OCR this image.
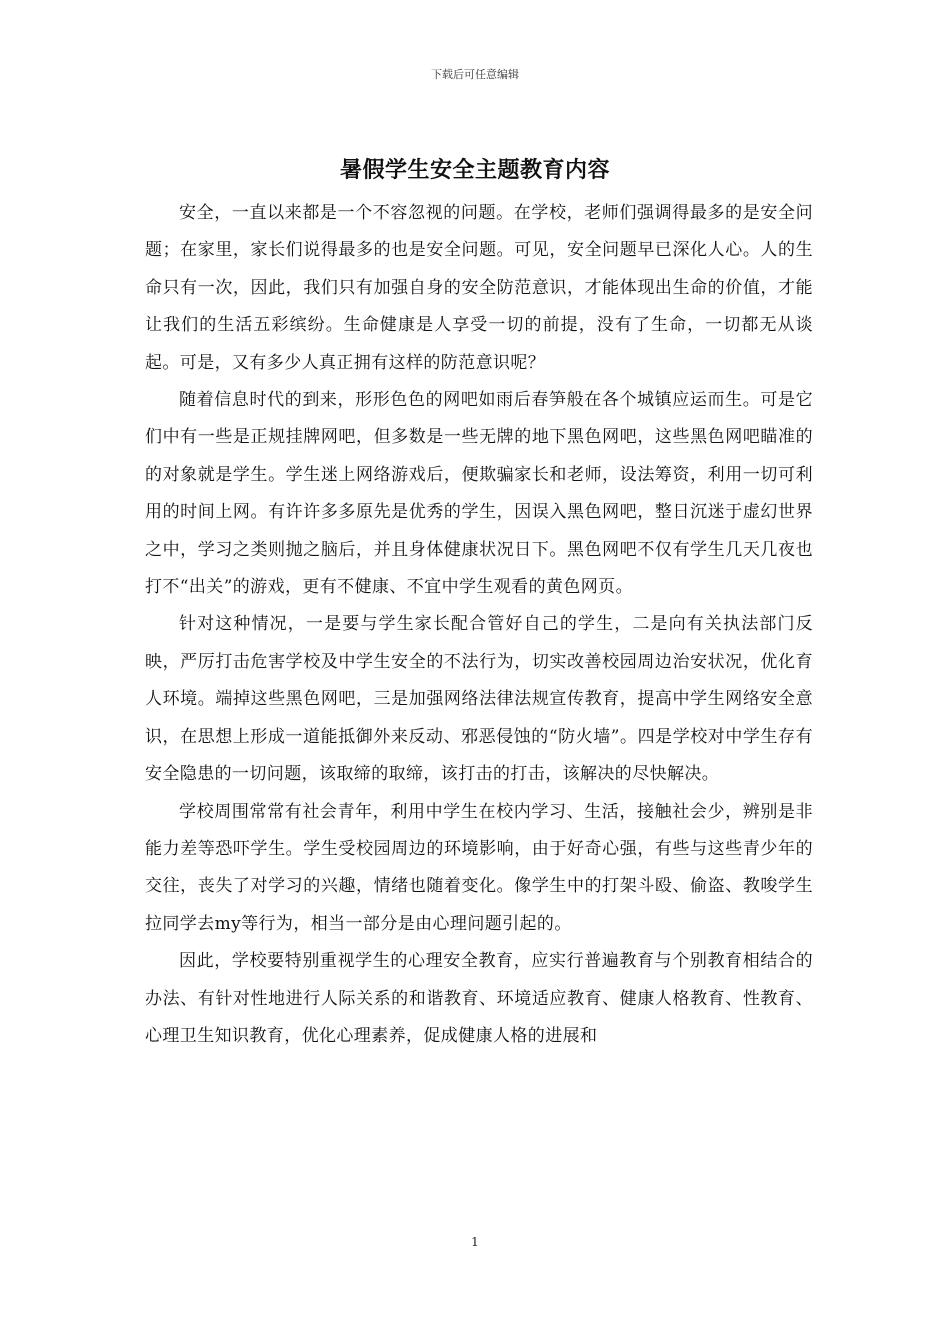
下载后可任意编辑
暑假学生安全主题教育内容

安全，一直以来都是一个不容忽视的问题。在学校，老师们强调得最多的是安全问题；在家里，家长们说得最多的也是安全问题。可见，安全问题早已深化人心。人的生命只有一次，因此，我们只有加强自身的安全防范意识，才能体现出生命的价值，才能让我们的生活五彩缤纷。生命健康是人享受一切的前提，没有了生命，一切都无从谈起。可是，又有多少人真正拥有这样的防范意识呢？

随着信息时代的到来，形形色色的网吧如雨后春笋般在各个城镇应运而生。可是它们中有一些是正规挂牌网吧，但多数是一些无牌的地下黑色网吧，这些黑色网吧瞄准的的对象就是学生。学生迷上网络游戏后，便欺骗家长和老师，设法筹资，利用一切可利用的时间上网。有许许多多原先是优秀的学生，因误入黑色网吧，整日沉迷于虚幻世界之中，学习之类则抛之脑后，并且身体健康状况日下。黑色网吧不仅有学生几天几夜也打不“出关”的游戏，更有不健康、不宜中学生观看的黄色网页。

针对这种情况，一是要与学生家长配合管好自己的学生，二是向有关执法部门反映，严厉打击危害学校及中学生安全的不法行为，切实改善校园周边治安状况，优化育人环境。端掉这些黑色网吧，三是加强网络法律法规宣传教育，提高中学生网络安全意识，在思想上形成一道能抵御外来反动、邪恶侵蚀的“防火墙”。四是学校对中学生存有安全隐患的一切问题，该取缔的取缔，该打击的打击，该解决的尽快解决。

学校周围常常有社会青年，利用中学生在校内学习、生活，接触社会少，辨别是非能力差等恐吓学生。学生受校园周边的环境影响，由于好奇心强，有些与这些青少年的交往，丧失了对学习的兴趣，情绪也随着变化。像学生中的打架斗殴、偷盗、教唆学生拉同学去my等行为，相当一部分是由心理问题引起的。

因此，学校要特别重视学生的心理安全教育，应实行普遍教育与个别教育相结合的办法、有针对性地进行人际关系的和谐教育、环境适应教育、健康人格教育、性教育、心理卫生知识教育，优化心理素养，促成健康人格的进展和

1
